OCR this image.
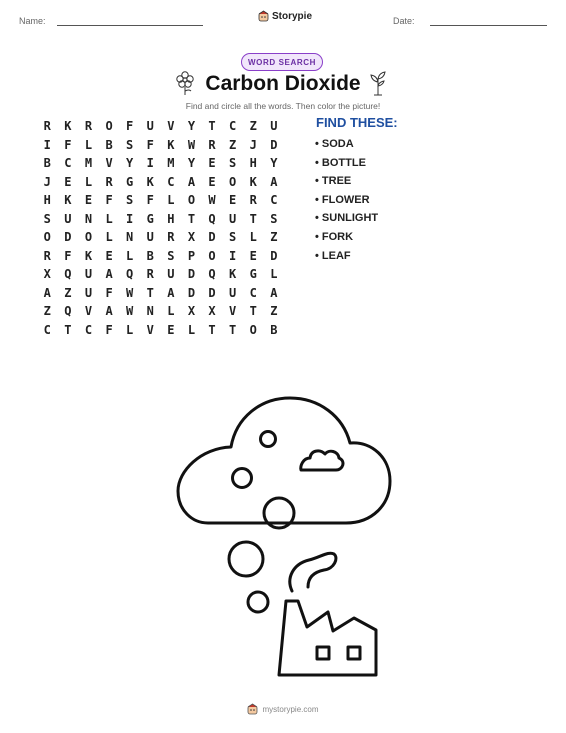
Name:	Storypie	Date:
WORD SEARCH
Carbon Dioxide
Find and circle all the words. Then color the picture!
R	K	R	O	F	U	V	Y	T	C	Z	U
I	F	L	B	S	F	K	W	R	Z	J	D
B	C	M	V	Y	I	M	Y	E	S	H	Y
J	E	L	R	G	K	C	A	E	O	K	A
H	K	E	F	S	F	L	O	W	E	R	C
S	U	N	L	I	G	H	T	Q	U	T	S
O	D	O	L	N	U	R	X	D	S	L	Z
R	F	K	E	L	B	S	P	O	I	E	D
X	Q	U	A	Q	R	U	D	Q	K	G	L
A	Z	U	F	W	T	A	D	D	U	C	A
Z	Q	V	A	W	N	L	X	X	V	T	Z
C	T	C	F	L	V	E	L	T	T	O	B
FIND THESE:
• SODA
• BOTTLE
• TREE
• FLOWER
• SUNLIGHT
• FORK
• LEAF
mystorypie.com
